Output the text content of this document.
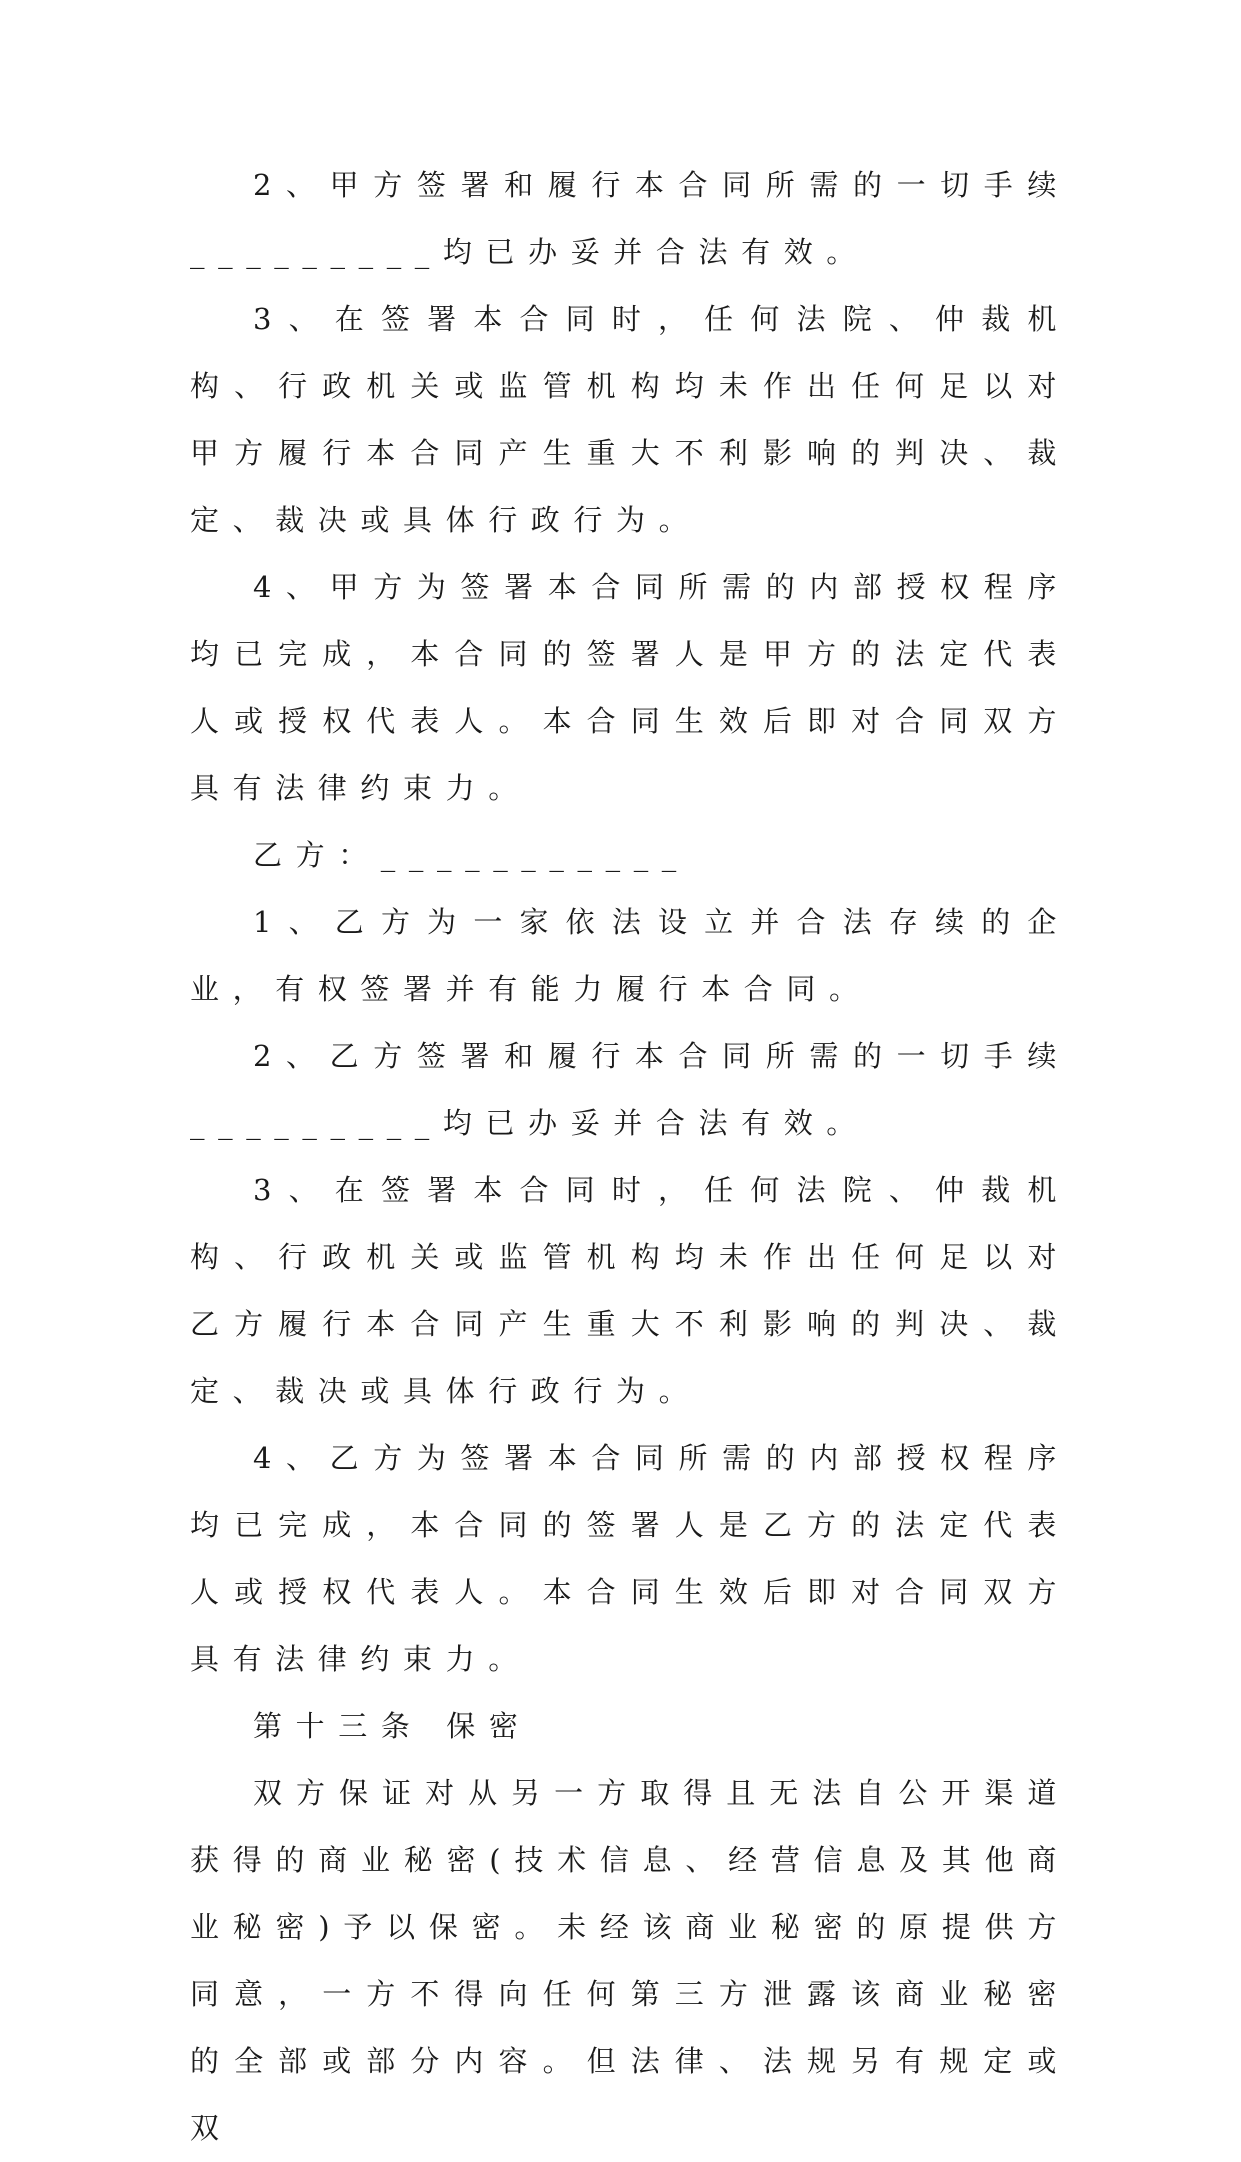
2、甲方签署和履行本合同所需的一切手续_________均已办妥并合法有效。

3、在签署本合同时，任何法院、仲裁机构、行政机关或监管机构均未作出任何足以对甲方履行本合同产生重大不利影响的判决、裁定、裁决或具体行政行为。

4、甲方为签署本合同所需的内部授权程序均已完成，本合同的签署人是甲方的法定代表人或授权代表人。本合同生效后即对合同双方具有法律约束力。

乙方：___________

1、乙方为一家依法设立并合法存续的企业，有权签署并有能力履行本合同。

2、乙方签署和履行本合同所需的一切手续_________均已办妥并合法有效。

3、在签署本合同时，任何法院、仲裁机构、行政机关或监管机构均未作出任何足以对乙方履行本合同产生重大不利影响的判决、裁定、裁决或具体行政行为。

4、乙方为签署本合同所需的内部授权程序均已完成，本合同的签署人是乙方的法定代表人或授权代表人。本合同生效后即对合同双方具有法律约束力。

第十三条 保密

双方保证对从另一方取得且无法自公开渠道获得的商业秘密(技术信息、经营信息及其他商业秘密)予以保密。未经该商业秘密的原提供方同意，一方不得向任何第三方泄露该商业秘密的全部或部分内容。但法律、法规另有规定或双
